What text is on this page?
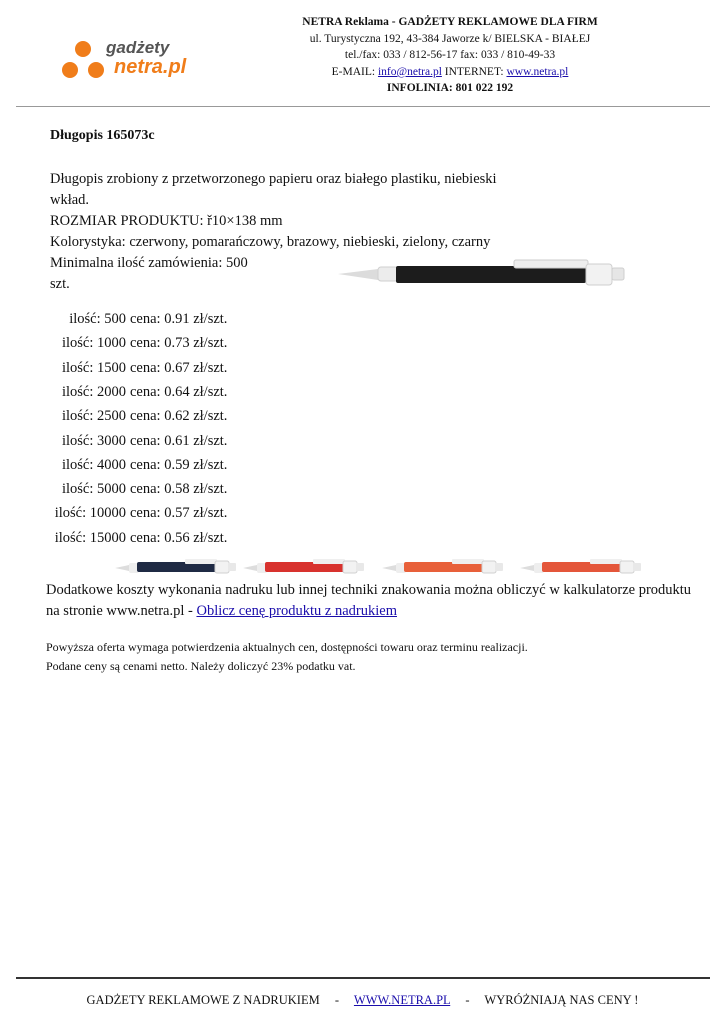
gadżety
netra.pl
NETRA Reklama - GADŻETY REKLAMOWE DLA FIRM
ul. Turystyczna 192, 43-384 Jaworze k/ BIELSKA - BIAŁEJ
tel./fax: 033 / 812-56-17 fax: 033 / 810-49-33
E-MAIL: info@netra.pl INTERNET: www.netra.pl
INFOLINIA: 801 022 192
Długopis 165073c
Długopis zrobiony z przetworzonego papieru oraz białego plastiku, niebieski wkład.
ROZMIAR PRODUKTU: ř10×138 mm
Kolorystyka: czerwony, pomarańczowy, brazowy, niebieski, zielony, czarny
Minimalna ilość zamówienia: 500 szt.
ilość: 500 cena: 0.91 zł/szt.
ilość: 1000 cena: 0.73 zł/szt.
ilość: 1500 cena: 0.67 zł/szt.
ilość: 2000 cena: 0.64 zł/szt.
ilość: 2500 cena: 0.62 zł/szt.
ilość: 3000 cena: 0.61 zł/szt.
ilość: 4000 cena: 0.59 zł/szt.
ilość: 5000 cena: 0.58 zł/szt.
ilość: 10000 cena: 0.57 zł/szt.
ilość: 15000 cena: 0.56 zł/szt.
Dodatkowe koszty wykonania nadruku lub innej techniki znakowania można obliczyć w kalkulatorze produktu na stronie www.netra.pl - Oblicz cenę produktu z nadrukiem
Powyższa oferta wymaga potwierdzenia aktualnych cen, dostępności towaru oraz terminu realizacji.
Podane ceny są cenami netto. Należy doliczyć 23% podatku vat.
GADŻETY REKLAMOWE Z NADRUKIEM - WWW.NETRA.PL - WYRÓŻNIAJĄ NAS CENY !
